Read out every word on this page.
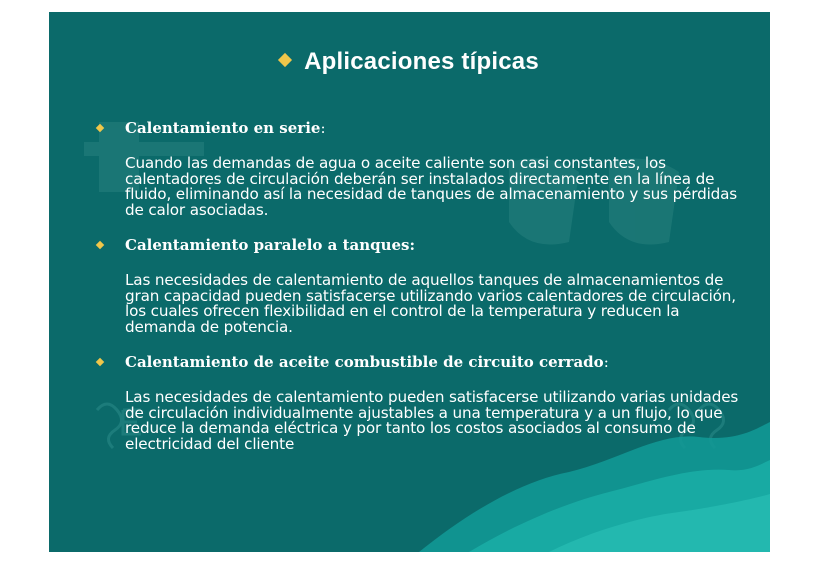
Aplicaciones típicas
Calentamiento en serie:
Cuando las demandas de agua o aceite caliente son casi constantes, los calentadores de circulación deberán ser instalados directamente en la línea de fluido, eliminando así la necesidad de tanques de almacenamiento y sus pérdidas de calor asociadas.
Calentamiento paralelo a tanques:
Las necesidades de calentamiento de aquellos tanques de almacenamientos de gran capacidad pueden satisfacerse utilizando varios calentadores de circulación, los cuales ofrecen flexibilidad en el control de la temperatura y reducen la demanda de potencia.
Calentamiento de aceite combustible de circuito cerrado:
Las necesidades de calentamiento pueden satisfacerse utilizando varias unidades de circulación individualmente ajustables a una temperatura y a un flujo, lo que reduce la demanda eléctrica y por tanto los costos asociados al consumo de electricidad del cliente
